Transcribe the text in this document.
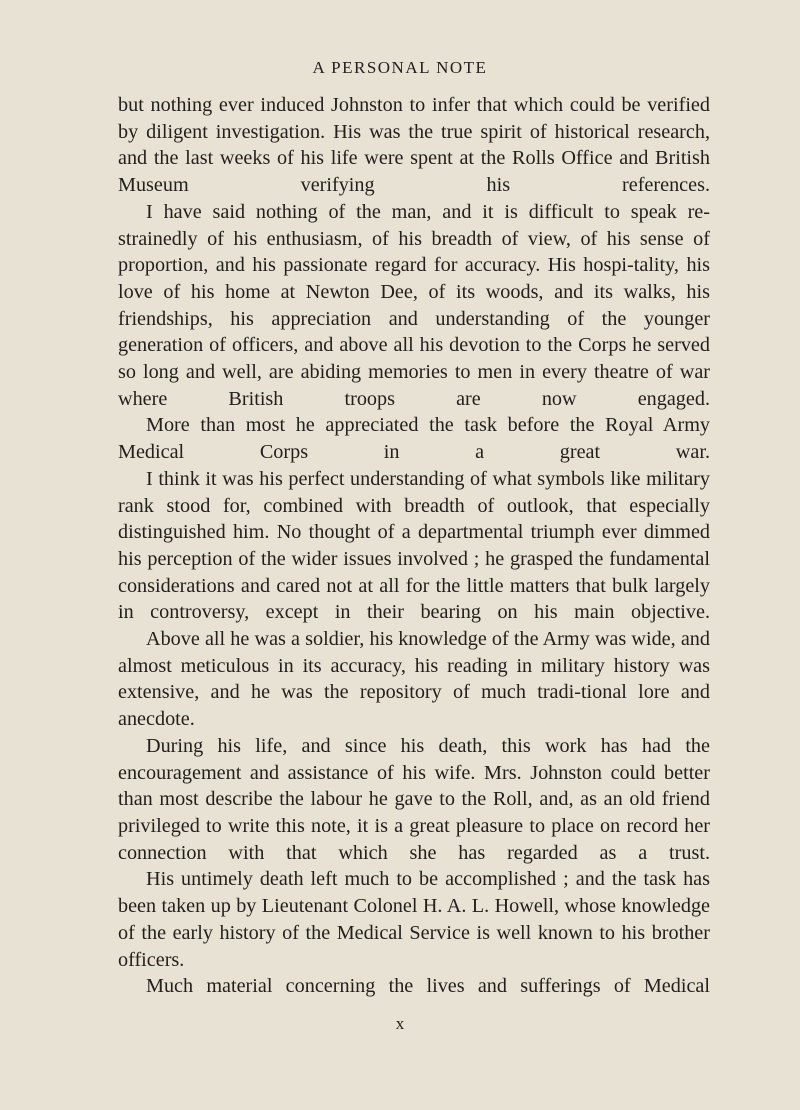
A PERSONAL NOTE

but nothing ever induced Johnston to infer that which could be verified by diligent investigation. His was the true spirit of historical research, and the last weeks of his life were spent at the Rolls Office and British Museum verifying his references.

I have said nothing of the man, and it is difficult to speak re-strainedly of his enthusiasm, of his breadth of view, of his sense of proportion, and his passionate regard for accuracy. His hospi-tality, his love of his home at Newton Dee, of its woods, and its walks, his friendships, his appreciation and understanding of the younger generation of officers, and above all his devotion to the Corps he served so long and well, are abiding memories to men in every theatre of war where British troops are now engaged.

More than most he appreciated the task before the Royal Army Medical Corps in a great war.

I think it was his perfect understanding of what symbols like military rank stood for, combined with breadth of outlook, that especially distinguished him. No thought of a departmental triumph ever dimmed his perception of the wider issues involved ; he grasped the fundamental considerations and cared not at all for the little matters that bulk largely in controversy, except in their bearing on his main objective.

Above all he was a soldier, his knowledge of the Army was wide, and almost meticulous in its accuracy, his reading in military history was extensive, and he was the repository of much tradi-tional lore and anecdote.

During his life, and since his death, this work has had the encouragement and assistance of his wife. Mrs. Johnston could better than most describe the labour he gave to the Roll, and, as an old friend privileged to write this note, it is a great pleasure to place on record her connection with that which she has regarded as a trust.

His untimely death left much to be accomplished ; and the task has been taken up by Lieutenant Colonel H. A. L. Howell, whose knowledge of the early history of the Medical Service is well known to his brother officers.

Much material concerning the lives and sufferings of Medical

x
